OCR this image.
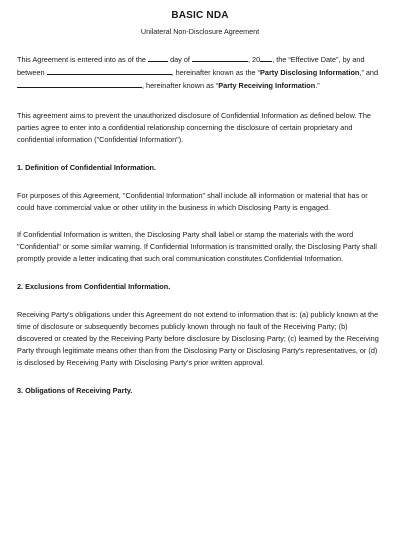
BASIC NDA
Unilateral Non-Disclosure Agreement

This Agreement is entered into as of the	day of	, 20 , the “Effective Date”, by and between	, hereinafter known as the “Party Disclosing Information,” and , hereinafter known as “Party Receiving Information.”

This agreement aims to prevent the unauthorized disclosure of Confidential Information as defined below. The parties agree to enter into a confidential relationship concerning the disclosure of certain proprietary and confidential information ("Confidential Information").

1. Definition of Confidential Information.

For purposes of this Agreement, "Confidential Information" shall include all information or material that has or could have commercial value or other utility in the business in which Disclosing Party is engaged.

If Confidential Information is written, the Disclosing Party shall label or stamp the materials with the word "Confidential" or some similar warning. If Confidential Information is transmitted orally, the Disclosing Party shall promptly provide a letter indicating that such oral communication constitutes Confidential Information.

2. Exclusions from Confidential Information.

Receiving Party's obligations under this Agreement do not extend to information that is: (a) publicly known at the time of disclosure or subsequently becomes publicly known through no fault of the Receiving Party; (b) discovered or created by the Receiving Party before disclosure by Disclosing Party; (c) learned by the Receiving Party through legitimate means other than from the Disclosing Party or Disclosing Party's representatives, or (d) is disclosed by Receiving Party with Disclosing Party's prior written approval.

3. Obligations of Receiving Party.
